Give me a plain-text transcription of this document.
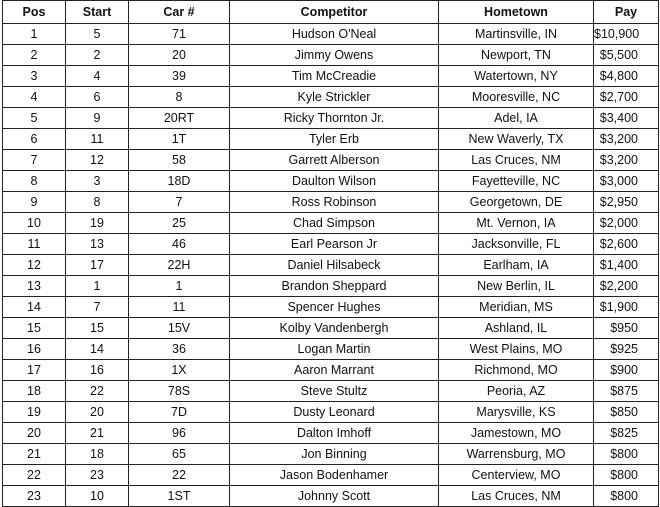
Pos	Start	Car #	Competitor	Hometown	Pay
1	5	71	Hudson O'Neal	Martinsville, IN	$10,900
2	2	20	Jimmy Owens	Newport, TN	$5,500
3	4	39	Tim McCreadie	Watertown, NY	$4,800
4	6	8	Kyle Strickler	Mooresville, NC	$2,700
5	9	20RT	Ricky Thornton Jr.	Adel, IA	$3,400
6	11	1T	Tyler Erb	New Waverly, TX	$3,200
7	12	58	Garrett Alberson	Las Cruces, NM	$3,200
8	3	18D	Daulton Wilson	Fayetteville, NC	$3,000
9	8	7	Ross Robinson	Georgetown, DE	$2,950
10	19	25	Chad Simpson	Mt. Vernon, IA	$2,000
11	13	46	Earl Pearson Jr	Jacksonville, FL	$2,600
12	17	22H	Daniel Hilsabeck	Earlham, IA	$1,400
13	1	1	Brandon Sheppard	New Berlin, IL	$2,200
14	7	11	Spencer Hughes	Meridian, MS	$1,900
15	15	15V	Kolby Vandenbergh	Ashland, IL	$950
16	14	36	Logan Martin	West Plains, MO	$925
17	16	1X	Aaron Marrant	Richmond, MO	$900
18	22	78S	Steve Stultz	Peoria, AZ	$875
19	20	7D	Dusty Leonard	Marysville, KS	$850
20	21	96	Dalton Imhoff	Jamestown, MO	$825
21	18	65	Jon Binning	Warrensburg, MO	$800
22	23	22	Jason Bodenhamer	Centerview, MO	$800
23	10	1ST	Johnny Scott	Las Cruces, NM	$800
